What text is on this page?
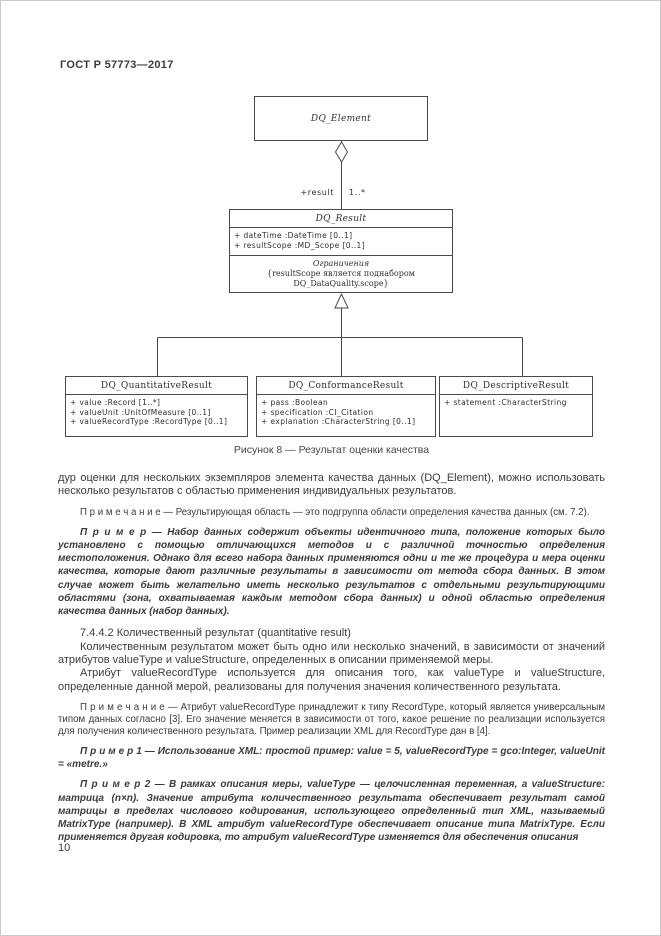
ГОСТ Р 57773—2017
DQ_Element
+result 1..*
DQ_Result
+ dateTime :DateTime [0..1]
+ resultScope :MD_Scope [0..1]
Ограничения
{resultScope является поднабором DQ_DataQuality.scope}
DQ_QuantitativeResult
+ value :Record [1..*]
+ valueUnit :UnitOfMeasure [0..1]
+ valueRecordType :RecordType [0..1]
DQ_ConformanceResult
+ pass :Boolean
+ specification :CI_Citation
+ explanation :CharacterString [0..1]
DQ_DescriptiveResult
+ statement :CharacterString
Рисунок 8 — Результат оценки качества

дур оценки для нескольких экземпляров элемента качества данных (DQ_Element), можно использовать несколько результатов с областью применения индивидуальных результатов.

П р и м е ч а н и е — Результирующая область — это подгруппа области определения качества данных (см. 7.2).

П р и м е р — Набор данных содержит объекты идентичного типа, положение которых было установлено с помощью отличающихся методов и с различной точностью определения местоположения. Однако для всего набора данных применяются одни и те же процедура и мера оценки качества, которые дают различные результаты в зависимости от метода сбора данных. В этом случае может быть желательно иметь несколько результатов с отдельными результирующими областями (зона, охватываемая каждым методом сбора данных) и одной областью определения качества данных (набор данных).

7.4.4.2 Количественный результат (quantitative result)

Количественным результатом может быть одно или несколько значений, в зависимости от значений атрибутов valueType и valueStructure, определенных в описании применяемой меры.

Атрибут valueRecordType используется для описания того, как valueType и valueStructure, определенные данной мерой, реализованы для получения значения количественного результата.

П р и м е ч а н и е — Атрибут valueRecordType принадлежит к типу RecordType, который является универсальным типом данных согласно [3]. Его значение меняется в зависимости от того, какое решение по реализации используется для получения количественного результата. Пример реализации XML для RecordType дан в [4].

П р и м е р 1 — Использование XML: простой пример: value = 5, valueRecordType = gco:Integer, valueUnit = «metre.»

П р и м е р 2 — В рамках описания меры, valueType — целочисленная переменная, а valueStructure: матрица (n×n). Значение атрибута количественного результата обеспечивает результат самой матрицы в пределах числового кодирования, использующего определенный тип XML, называемый MatrixType (например). В XML атрибут valueRecordType обеспечивает описание типа MatrixType. Если применяется другая кодировка, то атрибут valueRecordType изменяется для обеспечения описания

10
